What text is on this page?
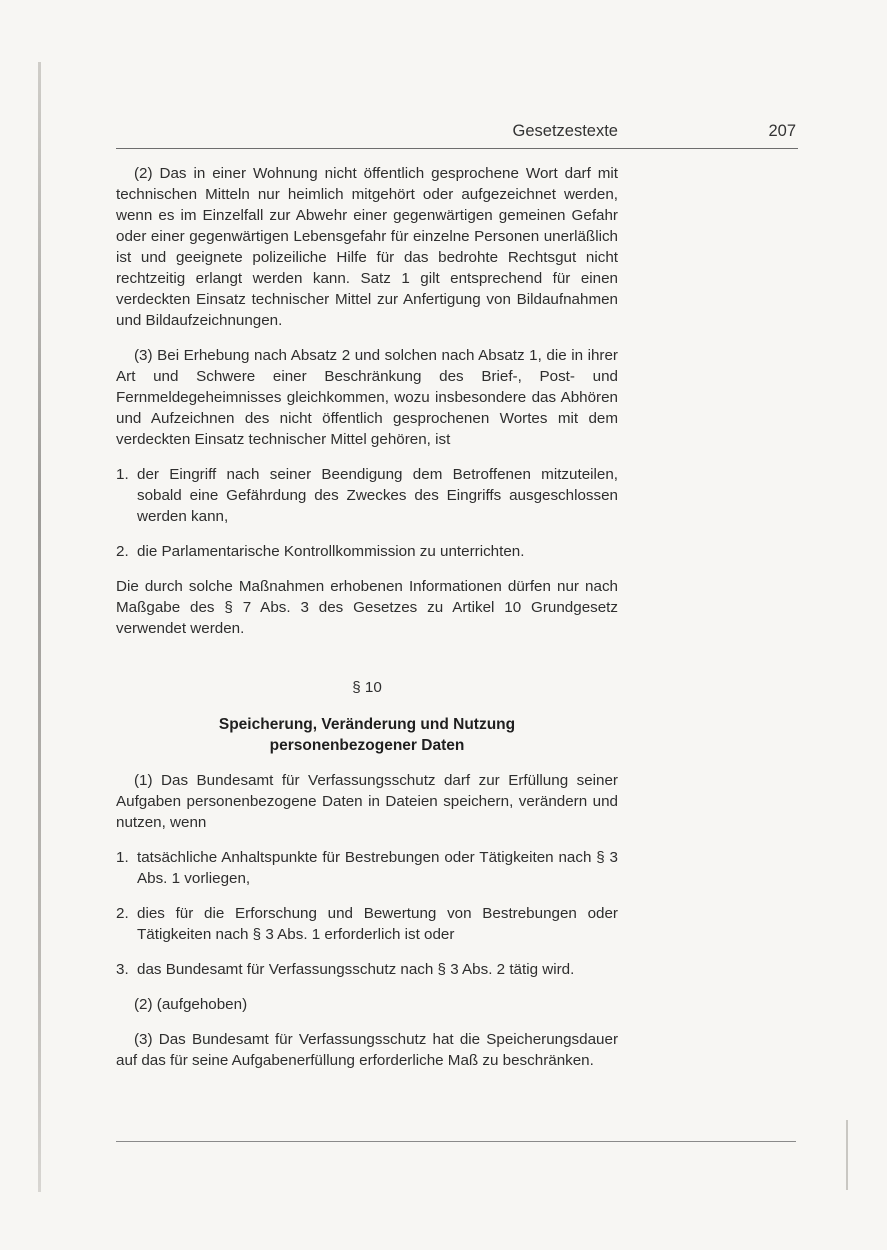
Gesetzestexte	207

(2) Das in einer Wohnung nicht öffentlich gesprochene Wort darf mit technischen Mitteln nur heimlich mitgehört oder aufgezeichnet werden, wenn es im Einzelfall zur Abwehr einer gegenwärtigen gemeinen Gefahr oder einer gegenwärtigen Lebensgefahr für einzelne Personen unerläßlich ist und geeignete polizeiliche Hilfe für das bedrohte Rechtsgut nicht rechtzeitig erlangt werden kann. Satz 1 gilt entsprechend für einen verdeckten Einsatz technischer Mittel zur Anfertigung von Bildaufnahmen und Bildaufzeichnungen.

(3) Bei Erhebung nach Absatz 2 und solchen nach Absatz 1, die in ihrer Art und Schwere einer Beschränkung des Brief-, Post- und Fernmeldegeheimnisses gleichkommen, wozu insbesondere das Abhören und Aufzeichnen des nicht öffentlich gesprochenen Wortes mit dem verdeckten Einsatz technischer Mittel gehören, ist

1. der Eingriff nach seiner Beendigung dem Betroffenen mitzuteilen, sobald eine Gefährdung des Zweckes des Eingriffs ausgeschlossen werden kann,
2. die Parlamentarische Kontrollkommission zu unterrichten.

Die durch solche Maßnahmen erhobenen Informationen dürfen nur nach Maßgabe des § 7 Abs. 3 des Gesetzes zu Artikel 10 Grundgesetz verwendet werden.

§ 10
Speicherung, Veränderung und Nutzung
personenbezogener Daten

(1) Das Bundesamt für Verfassungsschutz darf zur Erfüllung seiner Aufgaben personenbezogene Daten in Dateien speichern, verändern und nutzen, wenn

1. tatsächliche Anhaltspunkte für Bestrebungen oder Tätigkeiten nach § 3 Abs. 1 vorliegen,
2. dies für die Erforschung und Bewertung von Bestrebungen oder Tätigkeiten nach § 3 Abs. 1 erforderlich ist oder
3. das Bundesamt für Verfassungsschutz nach § 3 Abs. 2 tätig wird.

(2) (aufgehoben)

(3) Das Bundesamt für Verfassungsschutz hat die Speicherungsdauer auf das für seine Aufgabenerfüllung erforderliche Maß zu beschränken.
